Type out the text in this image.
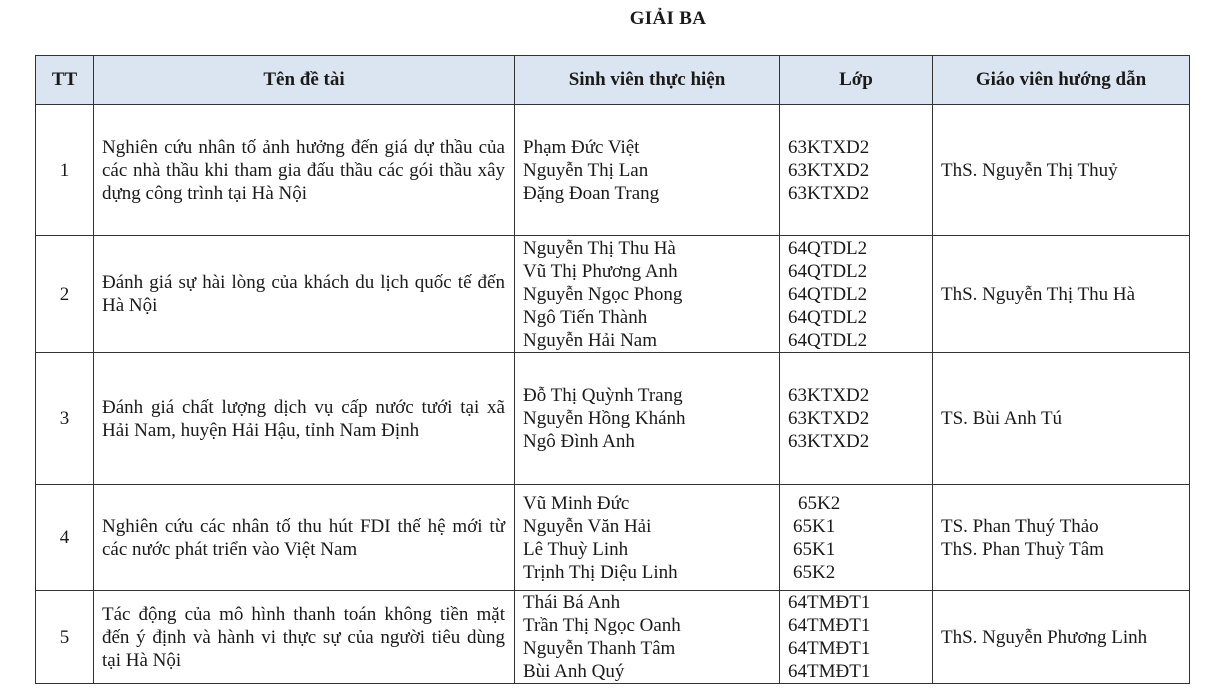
GIẢI BA
TT	Tên đề tài	Sinh viên thực hiện	Lớp	Giáo viên hướng dẫn
1	Nghiên cứu nhân tố ảnh hưởng đến giá dự thầu của các nhà thầu khi tham gia đấu thầu các gói thầu xây dựng công trình tại Hà Nội	Phạm Đức Việt
Nguyễn Thị Lan
Đặng Đoan Trang	63KTXD2
63KTXD2
63KTXD2	ThS. Nguyễn Thị Thuỷ

2	Đánh giá sự hài lòng của khách du lịch quốc tế đến Hà Nội	Nguyễn Thị Thu Hà
Vũ Thị Phương Anh
Nguyễn Ngọc Phong
Ngô Tiến Thành
Nguyễn Hải Nam	64QTDL2
64QTDL2
64QTDL2
64QTDL2
64QTDL2	ThS. Nguyễn Thị Thu Hà

3	Đánh giá chất lượng dịch vụ cấp nước tưới tại xã Hải Nam, huyện Hải Hậu, tỉnh Nam Định	Đỗ Thị Quỳnh Trang
Nguyễn Hồng Khánh
Ngô Đình Anh	63KTXD2
63KTXD2
63KTXD2	TS. Bùi Anh Tú

4	Nghiên cứu các nhân tố thu hút FDI thế hệ mới từ các nước phát triển vào Việt Nam	Vũ Minh Đức
Nguyễn Văn Hải
Lê Thuỳ Linh
Trịnh Thị Diệu Linh	65K2
65K1
65K1
65K2	TS. Phan Thuý Thảo
ThS. Phan Thuỳ Tâm

5	Tác động của mô hình thanh toán không tiền mặt đến ý định và hành vi thực sự của người tiêu dùng tại Hà Nội	Thái Bá Anh
Trần Thị Ngọc Oanh
Nguyễn Thanh Tâm
Bùi Anh Quý	64TMĐT1
64TMĐT1
64TMĐT1
64TMĐT1	ThS. Nguyễn Phương Linh
